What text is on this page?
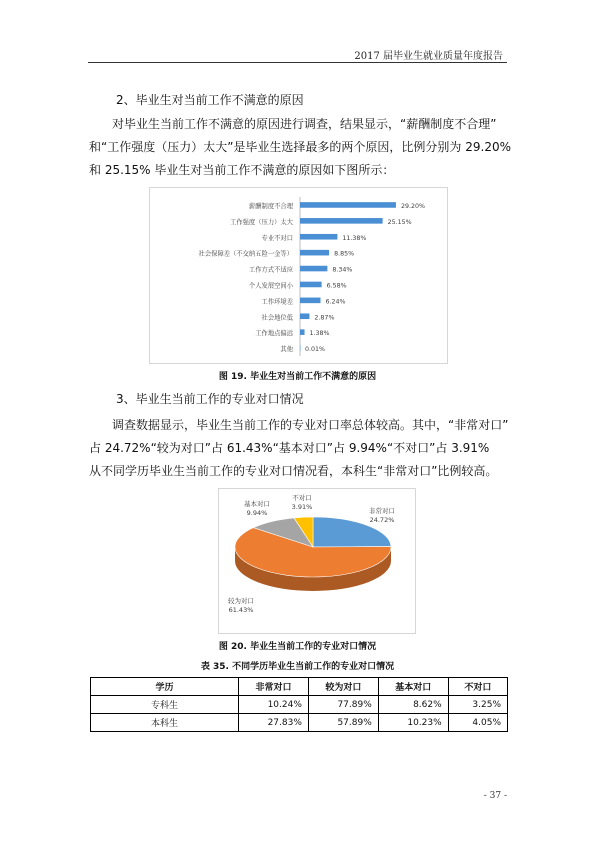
2017 届毕业生就业质量年度报告
2、毕业生对当前工作不满意的原因

对毕业生当前工作不满意的原因进行调查，结果显示，“薪酬制度不合理”

和“工作强度（压力）太大”是毕业生选择最多的两个原因，比例分别为 29.20%

和 25.15% 毕业生对当前工作不满意的原因如下图所示：

薪酬制度不合理	29.20%
工作强度（压力）太大	25.15%
专业不对口	11.38%
社会保障差（不交纳五险一金等）	8.85%
工作方式不适应	8.34%
个人发展空间小	6.58%
工作环境差	6.24%
社会地位低	2.87%
工作地点偏远	1.38%
其他 0.01%
图 19. 毕业生对当前工作不满意的原因
3、毕业生当前工作的专业对口情况

调查数据显示，毕业生当前工作的专业对口率总体较高。其中，“非常对口”

占 24.72%“较为对口”占 61.43%“基本对口”占 9.94%“不对口”占 3.91%

从不同学历毕业生当前工作的专业对口情况看，本科生“非常对口”比例较高。

非常对口
24.72%
较为对口
61.43%
基本对口
9.94%
不对口
3.91%
图 20. 毕业生当前工作的专业对口情况
表 35. 不同学历毕业生当前工作的专业对口情况
学历	非常对口	较为对口	基本对口	不对口
专科生	10.24%	77.89%	8.62%	3.25%
本科生	27.83%	57.89%	10.23%	4.05%
- 37 -
